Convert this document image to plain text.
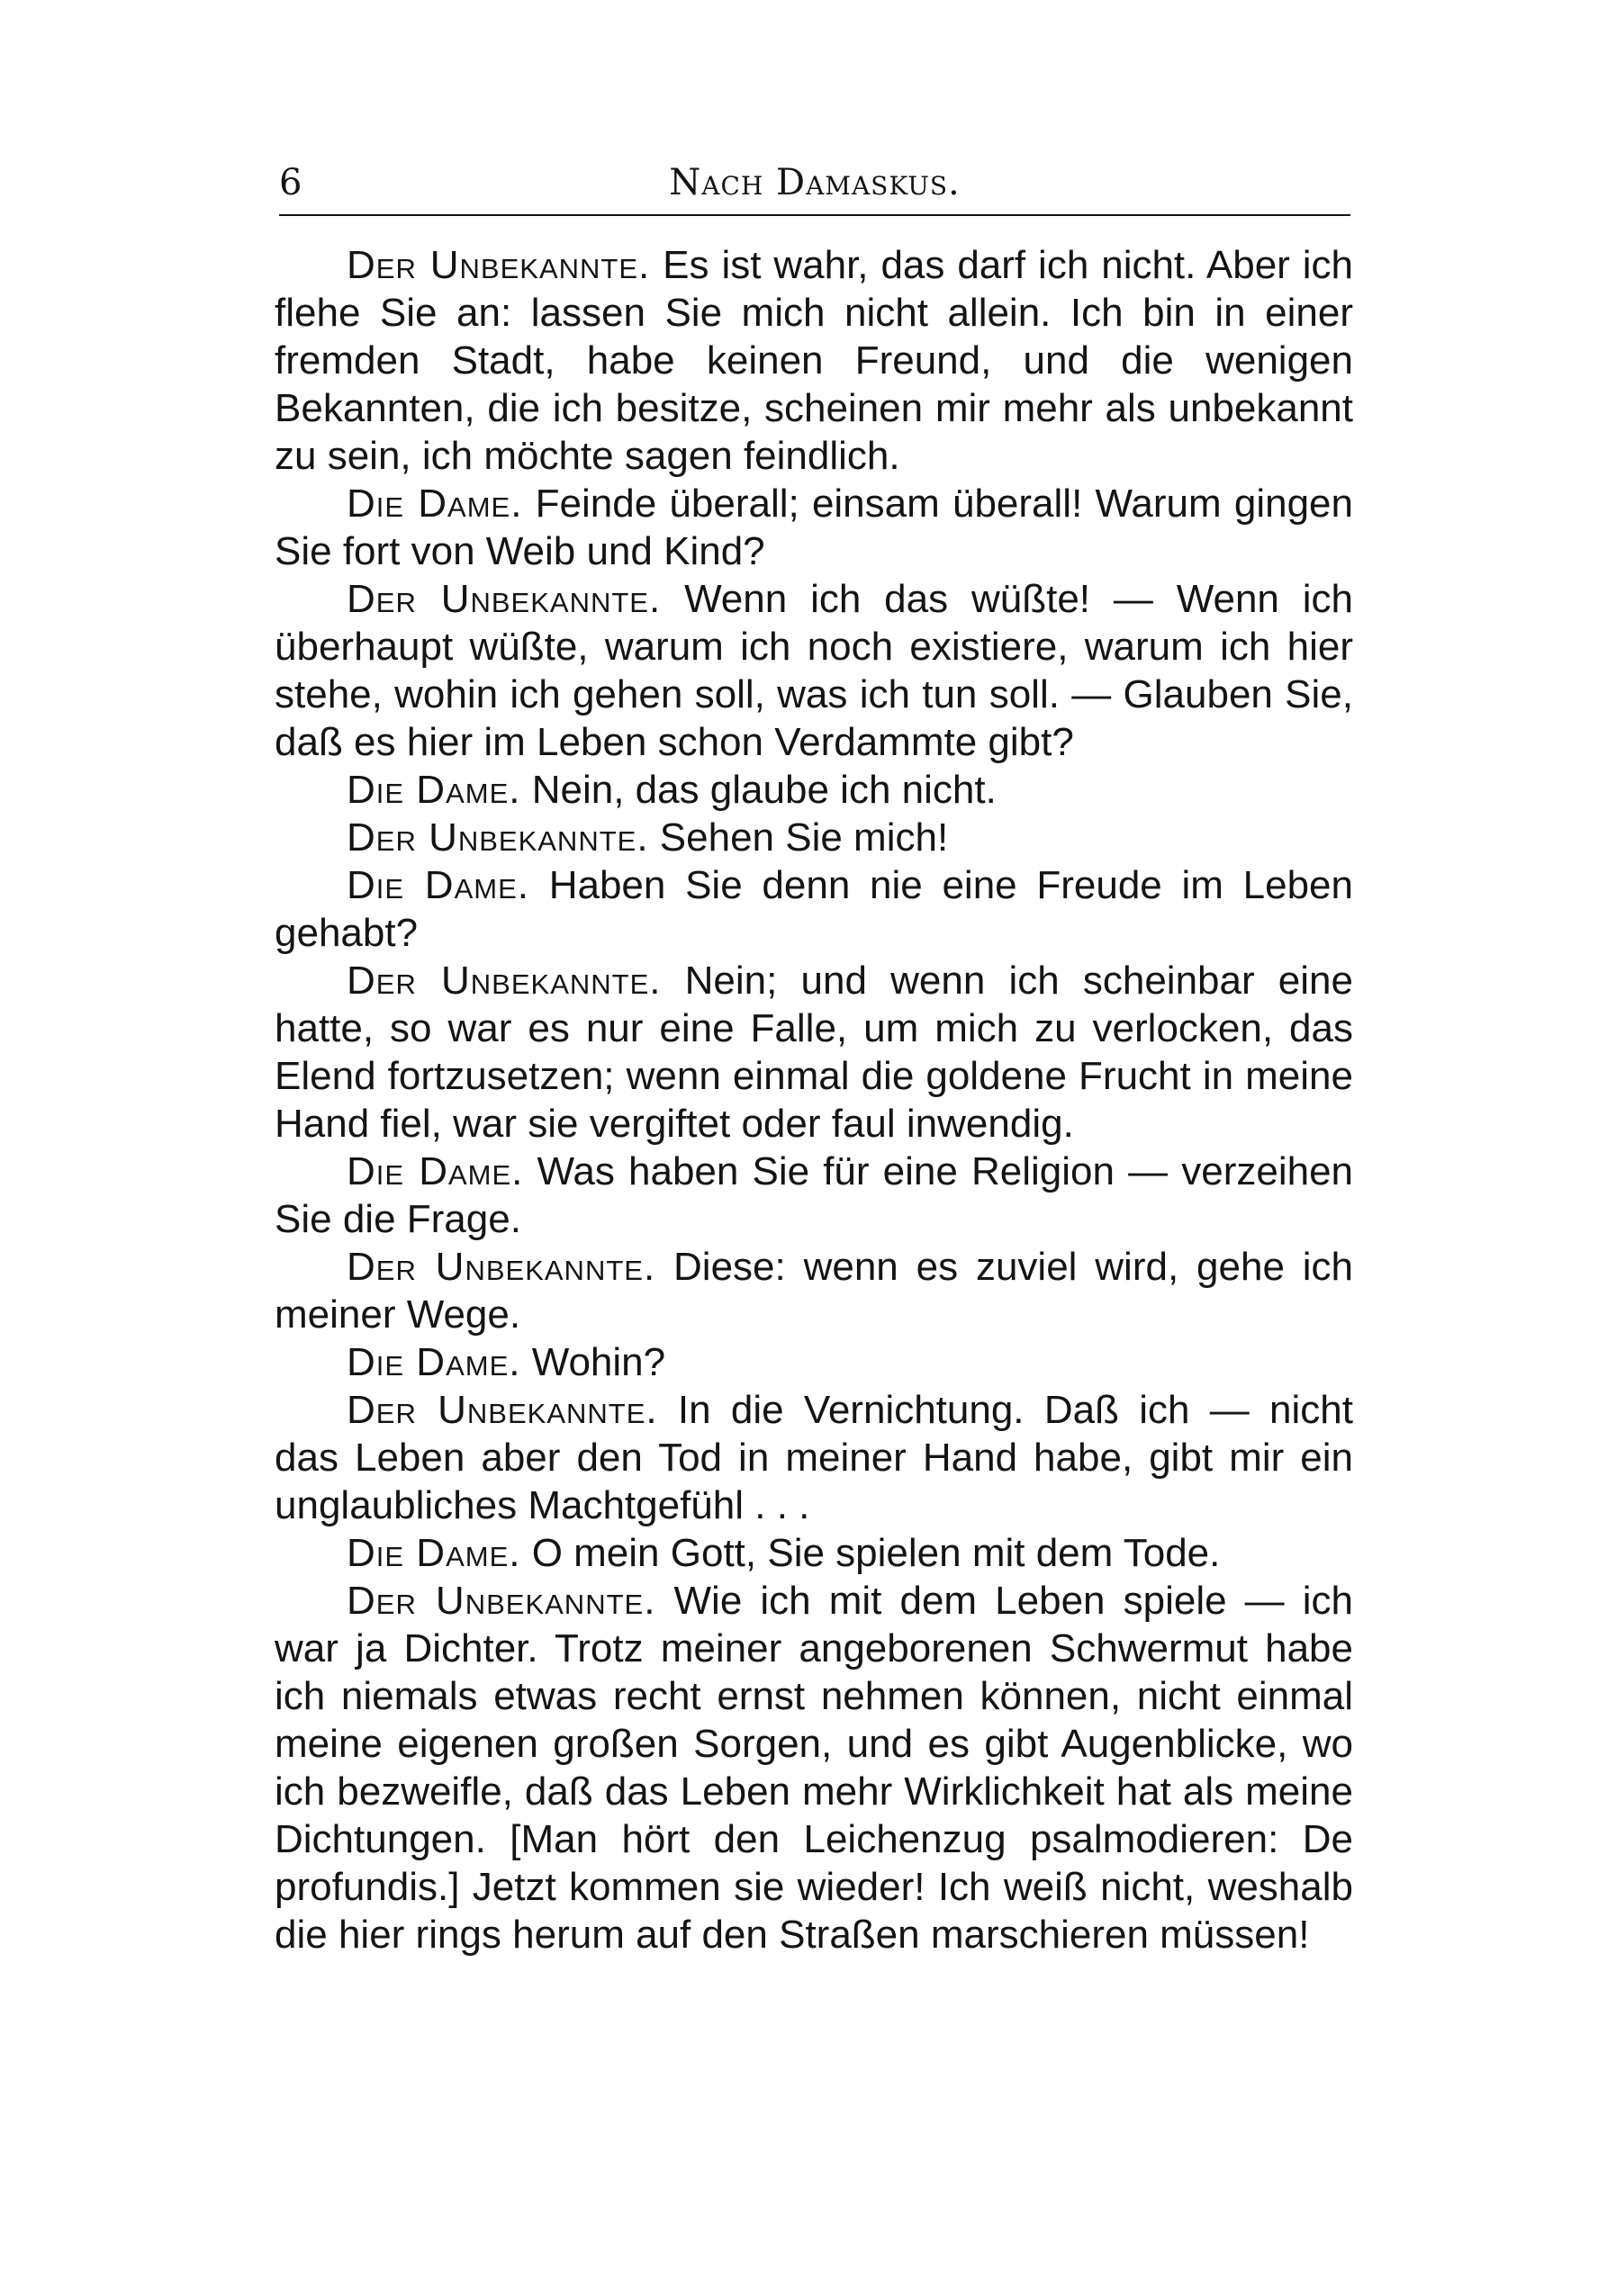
6	Nach Damaskus.

Der Unbekannte. Es ist wahr, das darf ich nicht. Aber ich flehe Sie an: lassen Sie mich nicht allein. Ich bin in einer fremden Stadt, habe keinen Freund, und die wenigen Bekannten, die ich besitze, scheinen mir mehr als unbekannt zu sein, ich möchte sagen feindlich.

Die Dame. Feinde überall; einsam überall! Warum gingen Sie fort von Weib und Kind?

Der Unbekannte. Wenn ich das wüßte! — Wenn ich überhaupt wüßte, warum ich noch existiere, warum ich hier stehe, wohin ich gehen soll, was ich tun soll. — Glauben Sie, daß es hier im Leben schon Verdammte gibt?

Die Dame. Nein, das glaube ich nicht.

Der Unbekannte. Sehen Sie mich!

Die Dame. Haben Sie denn nie eine Freude im Leben gehabt?

Der Unbekannte. Nein; und wenn ich scheinbar eine hatte, so war es nur eine Falle, um mich zu verlocken, das Elend fortzusetzen; wenn einmal die goldene Frucht in meine Hand fiel, war sie vergiftet oder faul inwendig.

Die Dame. Was haben Sie für eine Religion — verzeihen Sie die Frage.

Der Unbekannte. Diese: wenn es zuviel wird, gehe ich meiner Wege.

Die Dame. Wohin?

Der Unbekannte. In die Vernichtung. Daß ich — nicht das Leben aber den Tod in meiner Hand habe, gibt mir ein unglaubliches Machtgefühl . . .

Die Dame. O mein Gott, Sie spielen mit dem Tode.

Der Unbekannte. Wie ich mit dem Leben spiele — ich war ja Dichter. Trotz meiner angeborenen Schwermut habe ich niemals etwas recht ernst nehmen können, nicht einmal meine eigenen großen Sorgen, und es gibt Augenblicke, wo ich bezweifle, daß das Leben mehr Wirklichkeit hat als meine Dichtungen. [Man hört den Leichenzug psalmodieren: De profundis.] Jetzt kommen sie wieder! Ich weiß nicht, weshalb die hier rings herum auf den Straßen marschieren müssen!
